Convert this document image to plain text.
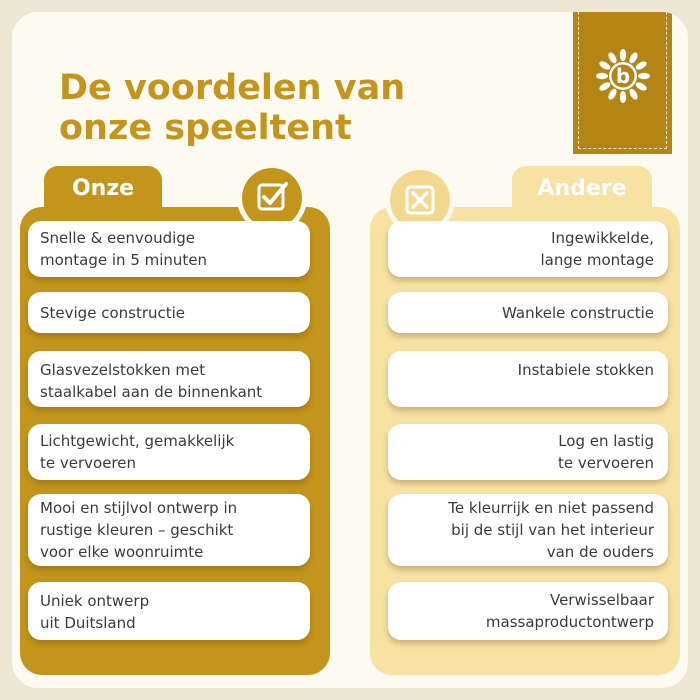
De voordelen van
onze speeltent
b
Onze
Snelle & eenvoudige
montage in 5 minuten
Stevige constructie
Glasvezelstokken met
staalkabel aan de binnenkant
Lichtgewicht, gemakkelijk
te vervoeren
Mooi en stijlvol ontwerp in
rustige kleuren – geschikt
voor elke woonruimte
Uniek ontwerp
uit Duitsland
Andere
Ingewikkelde,
lange montage
Wankele constructie
Instabiele stokken
Log en lastig
te vervoeren
Te kleurrijk en niet passend
bij de stijl van het interieur
van de ouders
Verwisselbaar
massaproductontwerp
